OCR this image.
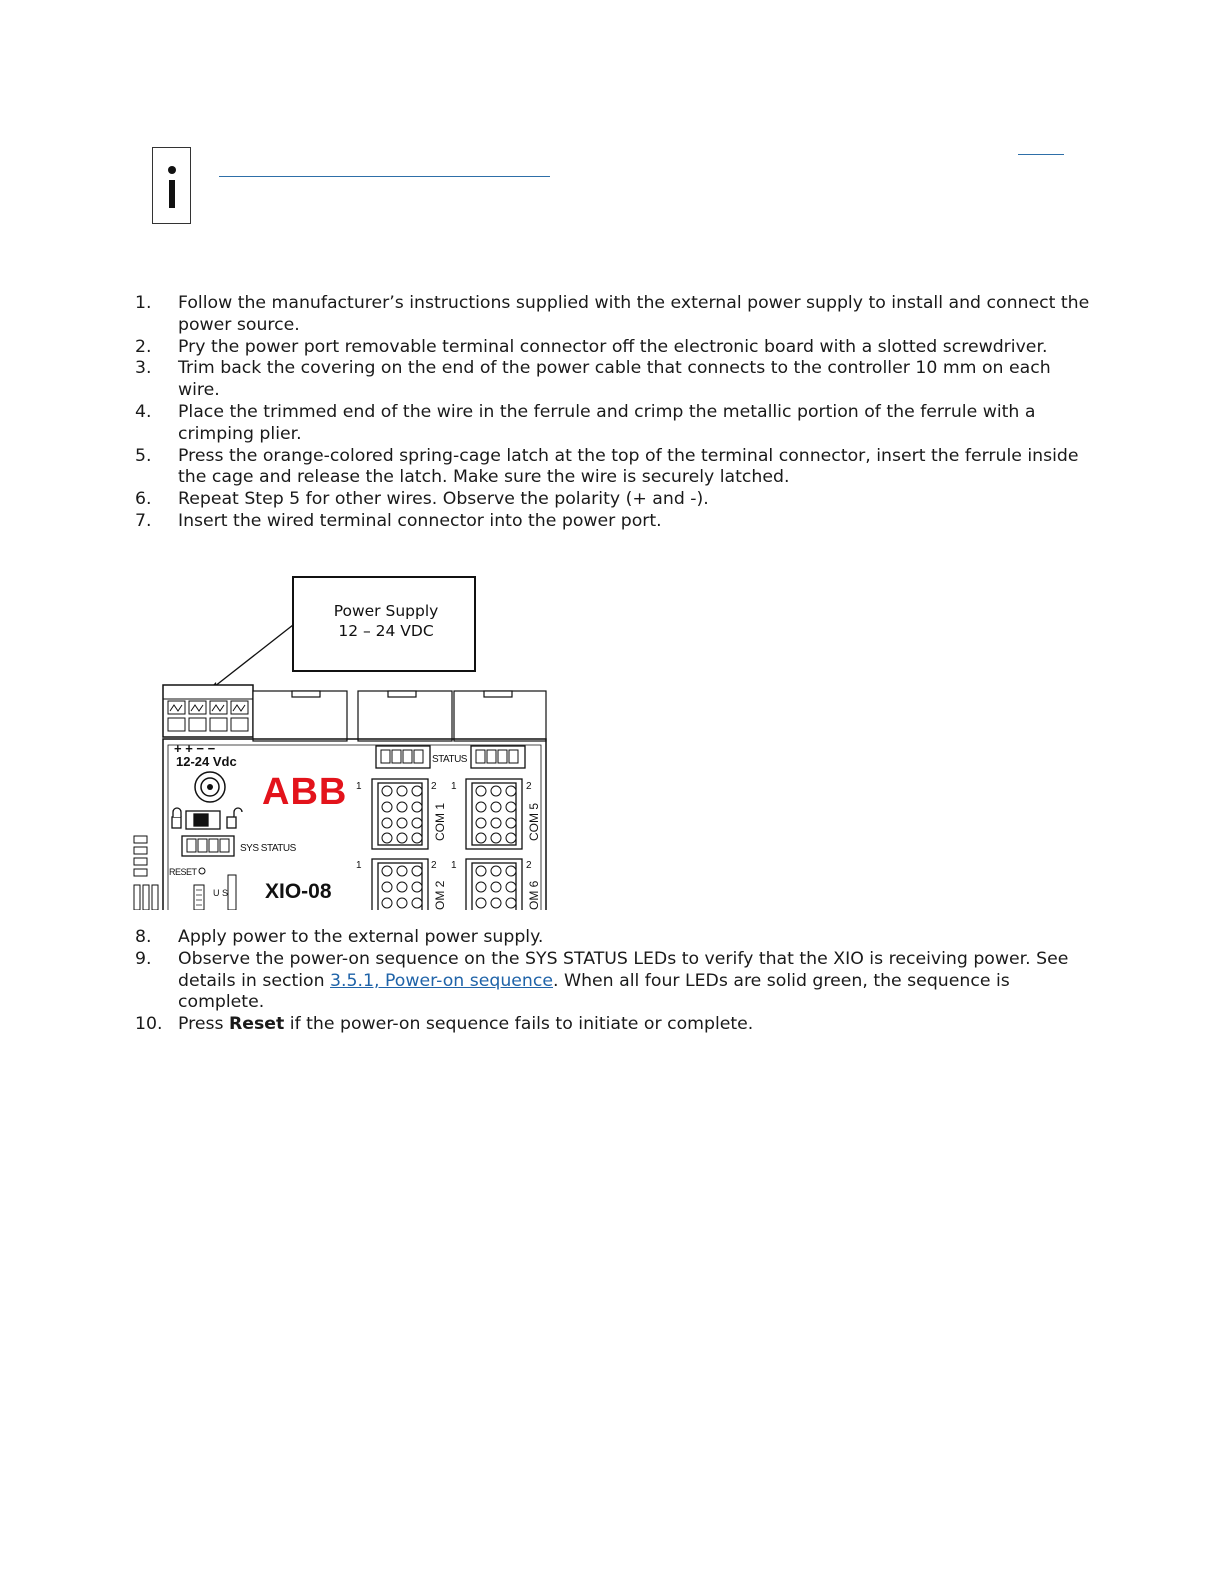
1. Follow the manufacturer’s instructions supplied with the external power supply to install and connect the power source.
2. Pry the power port removable terminal connector off the electronic board with a slotted screwdriver.
3. Trim back the covering on the end of the power cable that connects to the controller 10 mm on each wire.
4. Place the trimmed end of the wire in the ferrule and crimp the metallic portion of the ferrule with a crimping plier.
5. Press the orange-colored spring-cage latch at the top of the terminal connector, insert the ferrule inside the cage and release the latch. Make sure the wire is securely latched.
6. Repeat Step 5 for other wires. Observe the polarity (+ and -).
7. Insert the wired terminal connector into the power port.
Power Supply
12 – 24 VDC
+ + − −
12-24 Vdc
ABB
SYS STATUS
RESET
U S XIO-08
STATUS
1	2
COM 1
1	2
COM 5
1	2
OM 2
1	2
OM 6
8. Apply power to the external power supply.
9. Observe the power-on sequence on the SYS STATUS LEDs to verify that the XIO is receiving power. See details in section 3.5.1, Power-on sequence. When all four LEDs are solid green, the sequence is complete.
10. Press Reset if the power-on sequence fails to initiate or complete.
